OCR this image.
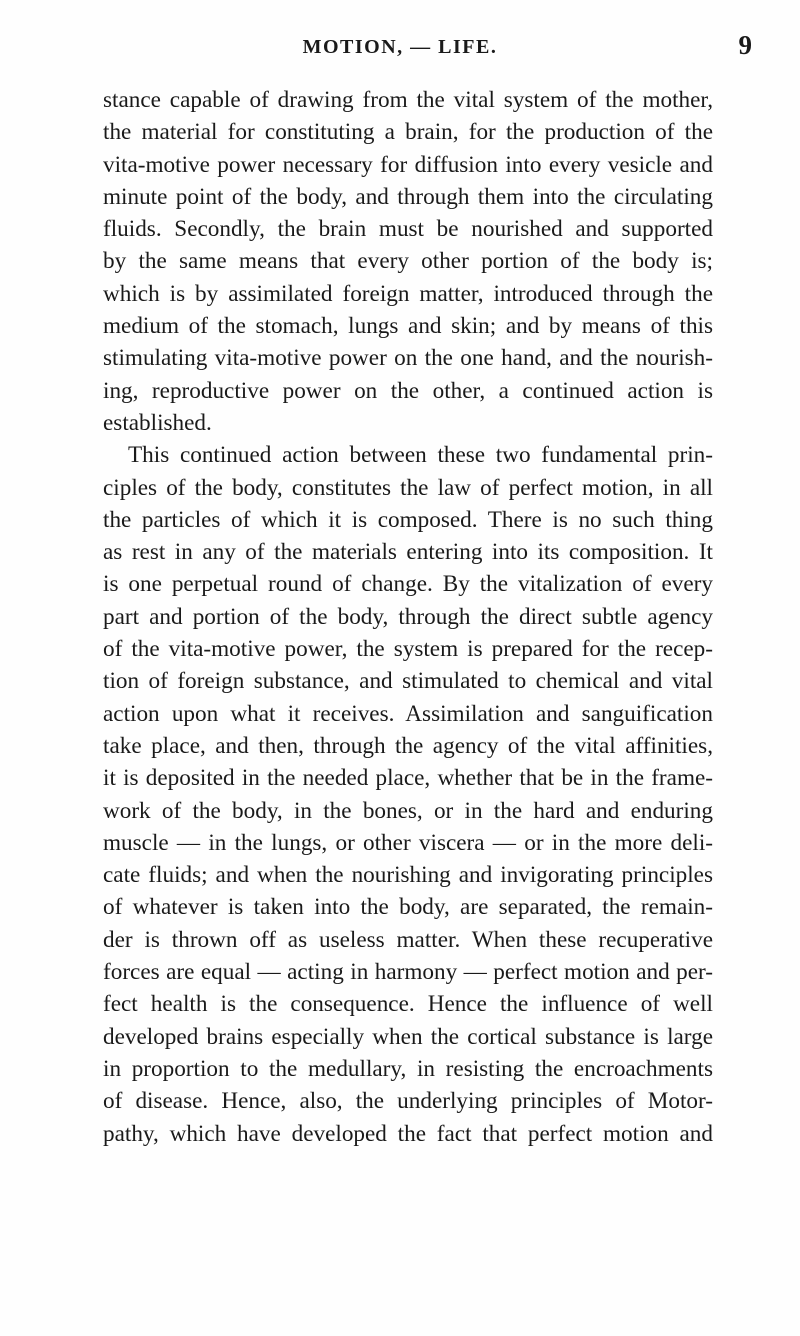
MOTION, — LIFE.	9
stance capable of drawing from the vital system of the mother,
the material for constituting a brain, for the production of the
vita-motive power necessary for diffusion into every vesicle and
minute point of the body, and through them into the circulating
fluids. Secondly, the brain must be nourished and supported
by the same means that every other portion of the body is;
which is by assimilated foreign matter, introduced through the
medium of the stomach, lungs and skin; and by means of this
stimulating vita-motive power on the one hand, and the nourish-
ing, reproductive power on the other, a continued action is
established.
This continued action between these two fundamental prin-
ciples of the body, constitutes the law of perfect motion, in all
the particles of which it is composed. There is no such thing
as rest in any of the materials entering into its composition. It
is one perpetual round of change. By the vitalization of every
part and portion of the body, through the direct subtle agency
of the vita-motive power, the system is prepared for the recep-
tion of foreign substance, and stimulated to chemical and vital
action upon what it receives. Assimilation and sanguification
take place, and then, through the agency of the vital affinities,
it is deposited in the needed place, whether that be in the frame-
work of the body, in the bones, or in the hard and enduring
muscle — in the lungs, or other viscera — or in the more deli-
cate fluids; and when the nourishing and invigorating principles
of whatever is taken into the body, are separated, the remain-
der is thrown off as useless matter. When these recuperative
forces are equal — acting in harmony — perfect motion and per-
fect health is the consequence. Hence the influence of well
developed brains especially when the cortical substance is large
in proportion to the medullary, in resisting the encroachments
of disease. Hence, also, the underlying principles of Motor-
pathy, which have developed the fact that perfect motion and
